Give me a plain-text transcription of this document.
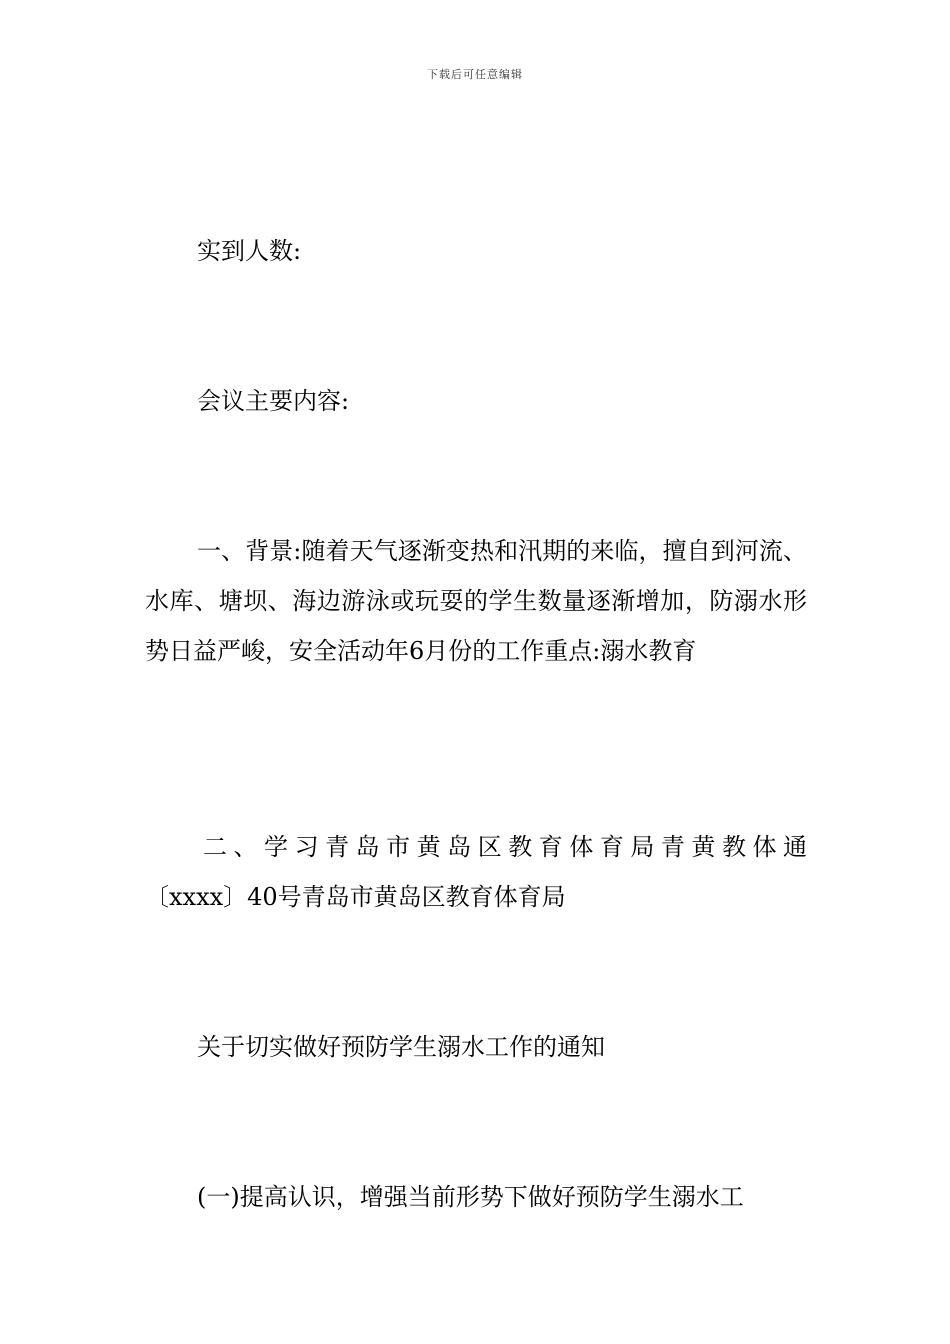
下载后可任意编辑

实到人数:

会议主要内容:

一、背景:随着天气逐渐变热和汛期的来临，擅自到河流、水库、塘坝、海边游泳或玩耍的学生数量逐渐增加，防溺水形势日益严峻，安全活动年6月份的工作重点:溺水教育

二、学习青岛市黄岛区教育体育局青黄教体通
〔xxxx〕40号青岛市黄岛区教育体育局

关于切实做好预防学生溺水工作的通知

(一)提高认识，增强当前形势下做好预防学生溺水工
